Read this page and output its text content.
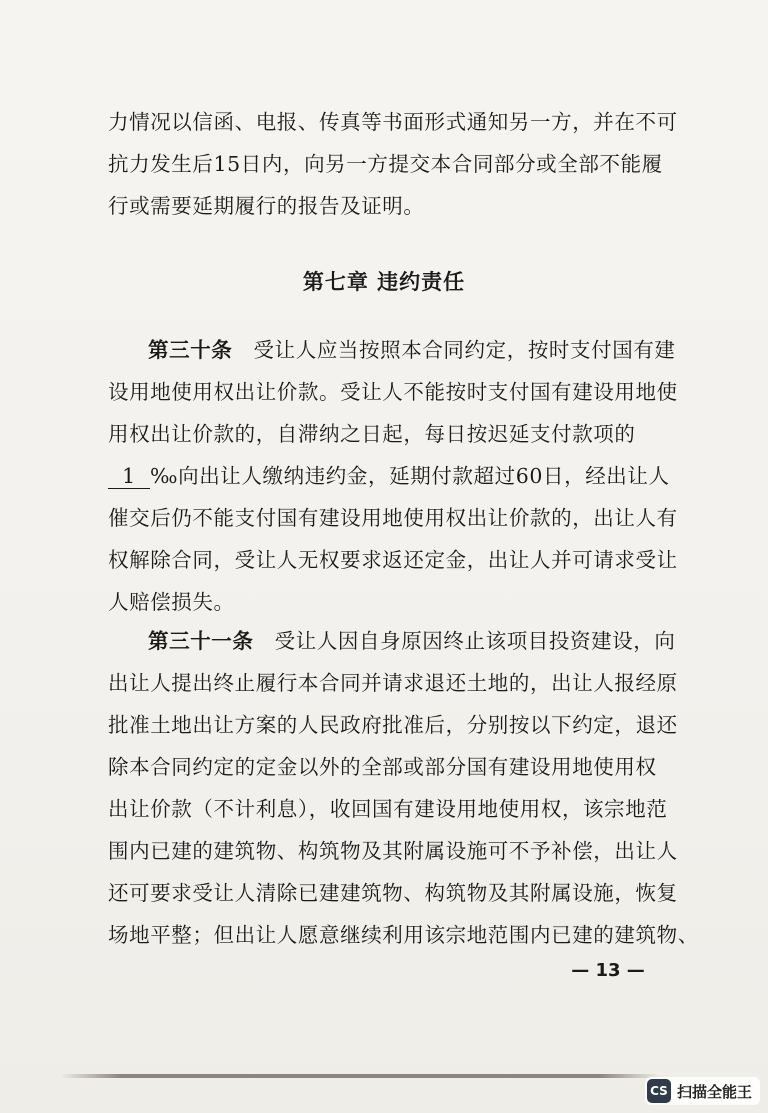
力情况以信函、电报、传真等书面形式通知另一方，并在不可
抗力发生后15日内，向另一方提交本合同部分或全部不能履
行或需要延期履行的报告及证明。
第七章 违约责任
第三十条　 受让人应当按照本合同约定，按时支付国有建
设用地使用权出让价款。受让人不能按时支付国有建设用地使
用权出让价款的，自滞纳之日起，每日按迟延支付款项的
1 ‰向出让人缴纳违约金，延期付款超过60日，经出让人
催交后仍不能支付国有建设用地使用权出让价款的，出让人有
权解除合同，受让人无权要求返还定金，出让人并可请求受让
人赔偿损失。
第三十一条　 受让人因自身原因终止该项目投资建设，向
出让人提出终止履行本合同并请求退还土地的，出让人报经原
批准土地出让方案的人民政府批准后，分别按以下约定，退还
除本合同约定的定金以外的全部或部分国有建设用地使用权
出让价款（不计利息），收回国有建设用地使用权，该宗地范
围内已建的建筑物、构筑物及其附属设施可不予补偿，出让人
还可要求受让人清除已建建筑物、构筑物及其附属设施，恢复
场地平整；但出让人愿意继续利用该宗地范围内已建的建筑物、
— 13 —
CS 扫描全能王
